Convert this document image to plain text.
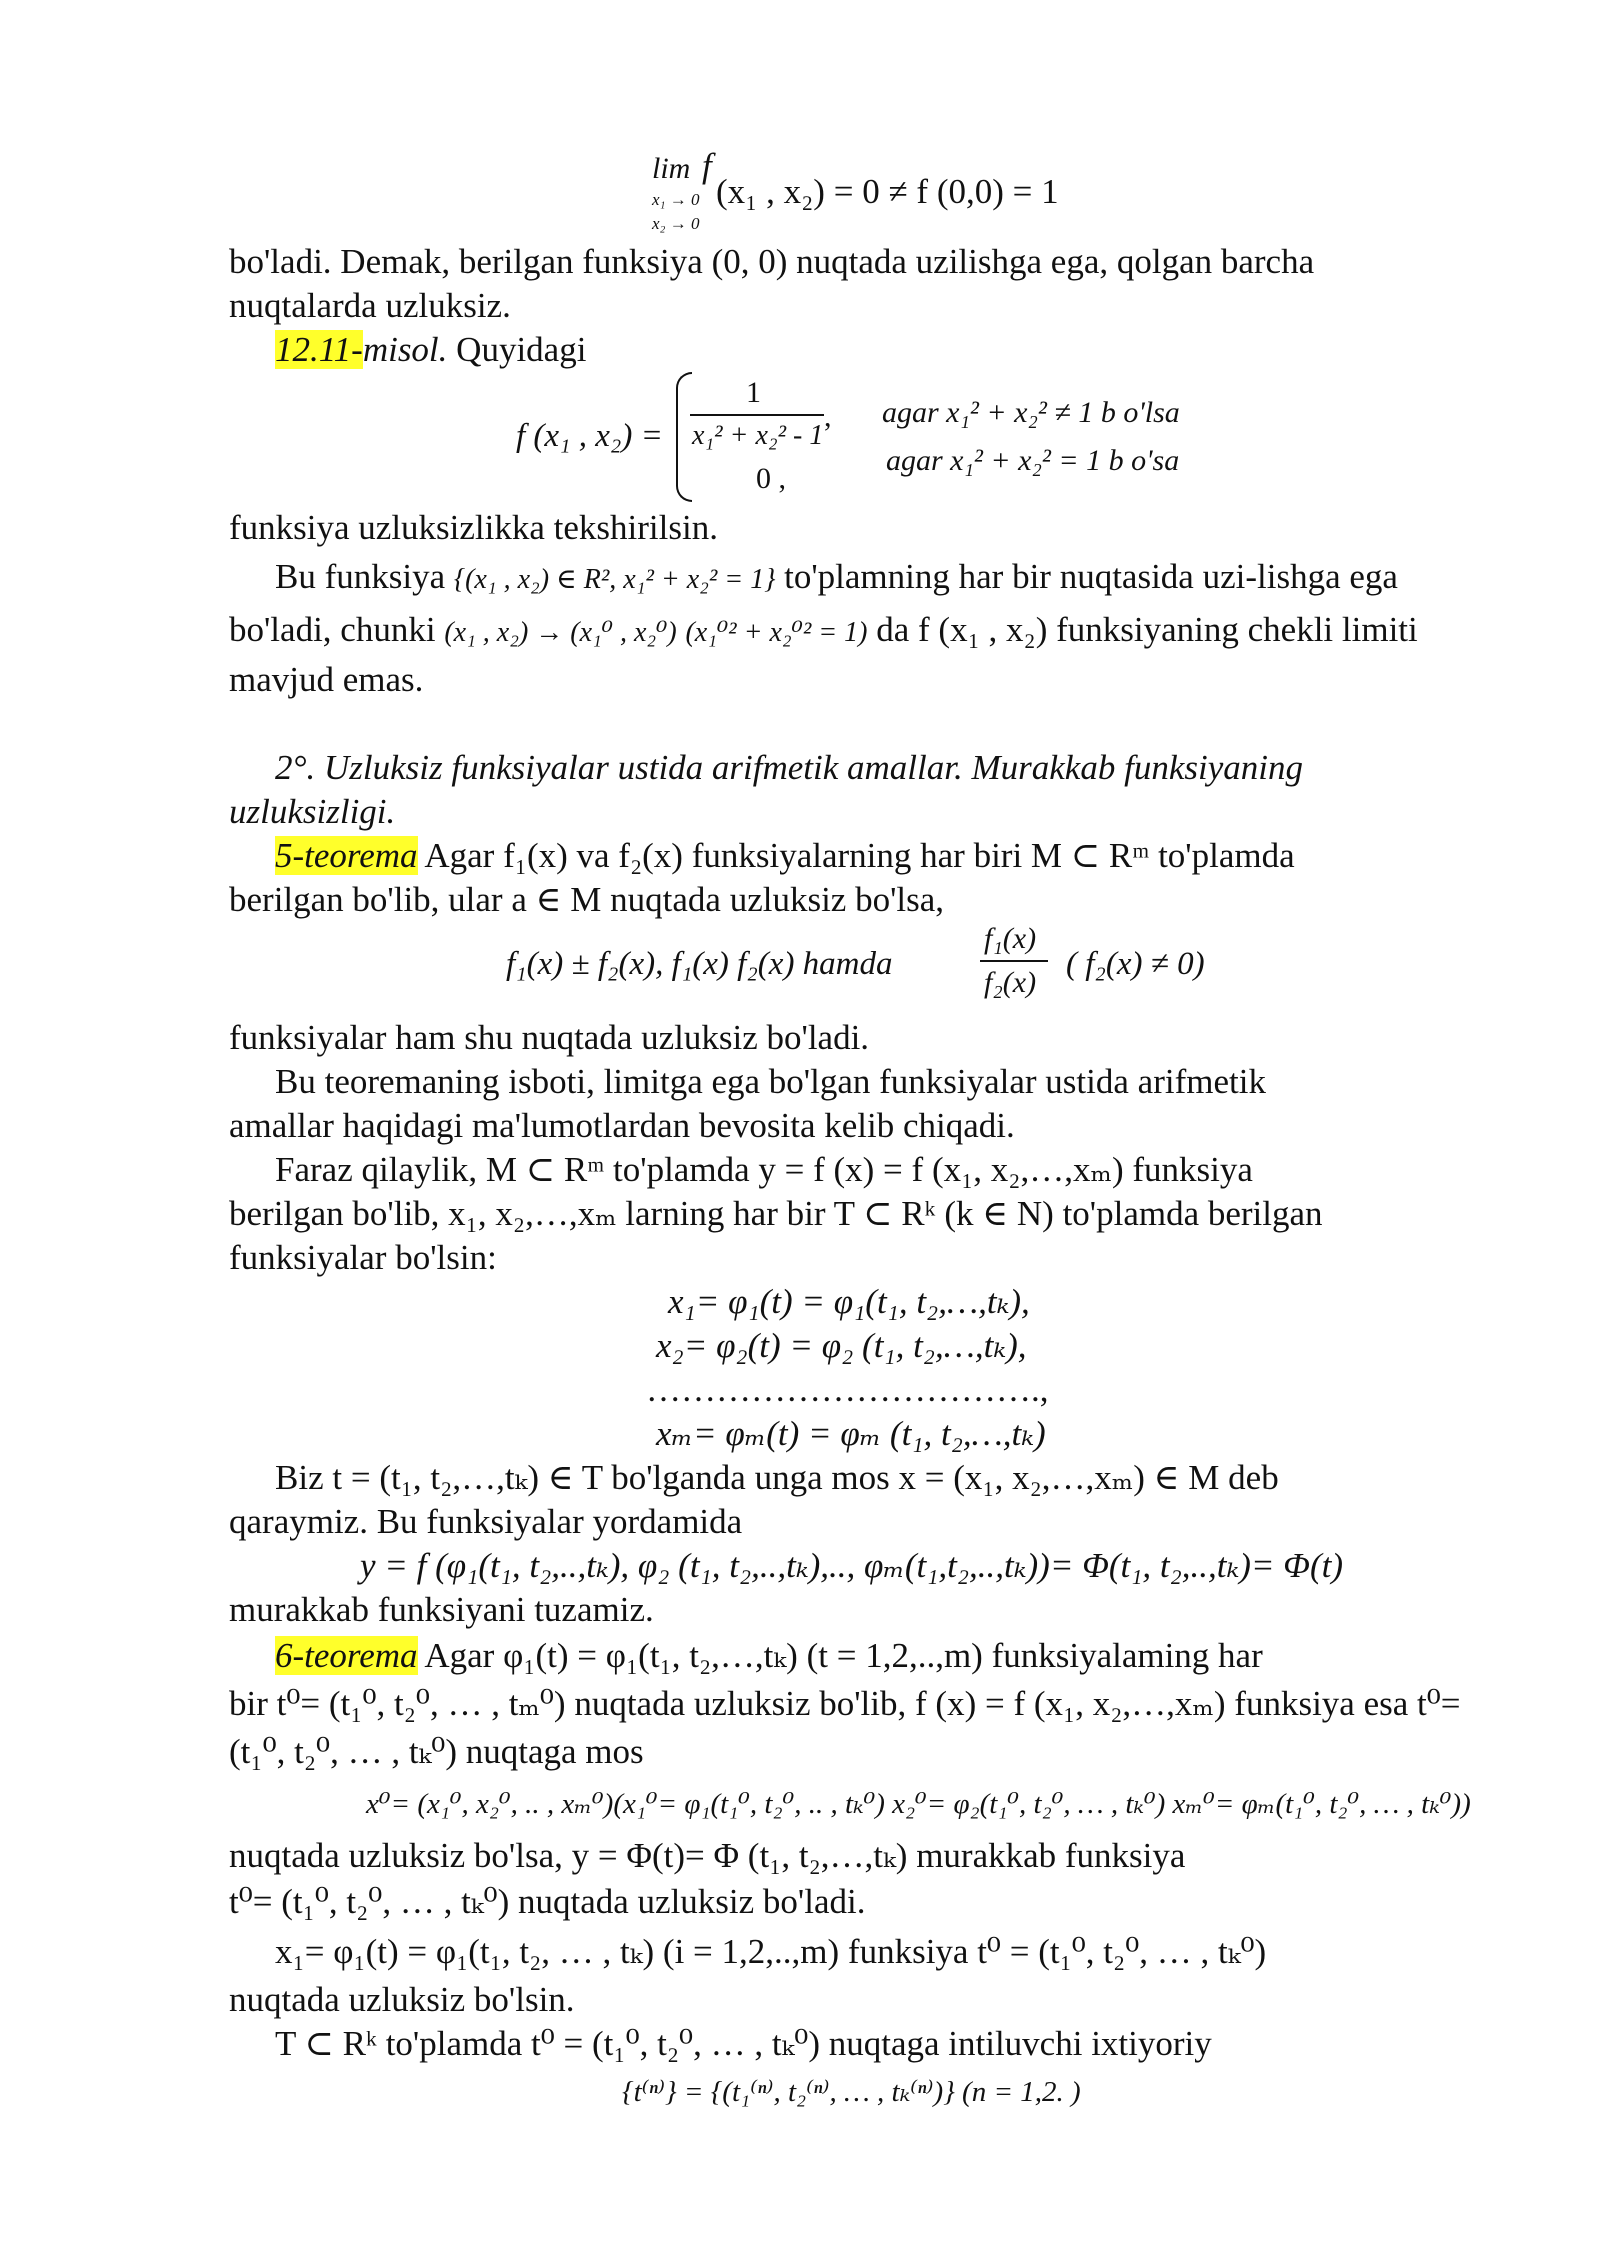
lim f
x₁ → 0
x₂ → 0
(x₁ , x₂) = 0 ≠ f (0,0) = 1
bo'ladi. Demak, berilgan funksiya (0, 0) nuqtada uzilishga ega, qolgan barcha
nuqtalarda uzluksiz.
12.11-misol. Quyidagi
f (x₁ , x₂) =
1
x₁² + x₂² - 1
,
0 ,
agar x₁² + x₂² ≠ 1 b o'lsa
agar x₁² + x₂² = 1 b o'sa
funksiya uzluksizlikka tekshirilsin.
Bu funksiya {(x₁ , x₂) ∈ R², x₁² + x₂² = 1} to'plamning har bir nuqtasida uzi-lishga ega
bo'ladi, chunki (x₁ , x₂) → (x₁⁰ , x₂⁰) (x₁⁰² + x₂⁰² = 1) da f (x₁ , x₂) funksiyaning chekli limiti
mavjud emas.
2°. Uzluksiz funksiyalar ustida arifmetik amallar. Murakkab funksiyaning
uzluksizligi.
5-teorema Agar f₁(x) va f₂(x) funksiyalarning har biri M ⊂ Rᵐ to'plamda
berilgan bo'lib, ular a ∈ M nuqtada uzluksiz bo'lsa,
f₁(x) ± f₂(x), f₁(x) f₂(x) hamda
f₁(x)
f₂(x)
( f₂(x) ≠ 0)
funksiyalar ham shu nuqtada uzluksiz bo'ladi.
Bu teoremaning isboti, limitga ega bo'lgan funksiyalar ustida arifmetik
amallar haqidagi ma'lumotlardan bevosita kelib chiqadi.
Faraz qilaylik, M ⊂ Rᵐ to'plamda y = f (x) = f (x₁, x₂,…,xₘ) funksiya
berilgan bo'lib, x₁, x₂,…,xₘ larning har bir T ⊂ Rᵏ (k ∈ N) to'plamda berilgan
funksiyalar bo'lsin:
x₁= φ₁(t) = φ₁(t₁, t₂,…,tₖ),
x₂= φ₂(t) = φ₂ (t₁, t₂,…,tₖ),
…………………………….,
xₘ= φₘ(t) = φₘ (t₁, t₂,…,tₖ)
Biz t = (t₁, t₂,…,tₖ) ∈ T bo'lganda unga mos x = (x₁, x₂,…,xₘ) ∈ M deb
qaraymiz. Bu funksiyalar yordamida
y = f (φ₁(t₁, t₂,..,tₖ), φ₂ (t₁, t₂,..,tₖ),.., φₘ(t₁,t₂,..,tₖ))= Φ(t₁, t₂,..,tₖ)= Φ(t)
murakkab funksiyani tuzamiz.
6-teorema Agar φ₁(t) = φ₁(t₁, t₂,…,tₖ) (t = 1,2,..,m) funksiyalaming har
bir t⁰= (t₁⁰, t₂⁰, … , tₘ⁰) nuqtada uzluksiz bo'lib, f (x) = f (x₁, x₂,…,xₘ) funksiya esa t⁰=
(t₁⁰, t₂⁰, … , tₖ⁰) nuqtaga mos
x⁰= (x₁⁰, x₂⁰, .. , xₘ⁰)(x₁⁰= φ₁(t₁⁰, t₂⁰, .. , tₖ⁰) x₂⁰= φ₂(t₁⁰, t₂⁰, … , tₖ⁰) xₘ⁰= φₘ(t₁⁰, t₂⁰, … , tₖ⁰))
nuqtada uzluksiz bo'lsa, y = Φ(t)= Φ (t₁, t₂,…,tₖ) murakkab funksiya
t⁰= (t₁⁰, t₂⁰, … , tₖ⁰) nuqtada uzluksiz bo'ladi.
x₁= φ₁(t) = φ₁(t₁, t₂, … , tₖ) (i = 1,2,..,m) funksiya t⁰ = (t₁⁰, t₂⁰, … , tₖ⁰)
nuqtada uzluksiz bo'lsin.
T ⊂ Rᵏ to'plamda t⁰ = (t₁⁰, t₂⁰, … , tₖ⁰) nuqtaga intiluvchi ixtiyoriy
{t⁽ⁿ⁾} = {(t₁⁽ⁿ⁾, t₂⁽ⁿ⁾, … , tₖ⁽ⁿ⁾)} (n = 1,2. )
